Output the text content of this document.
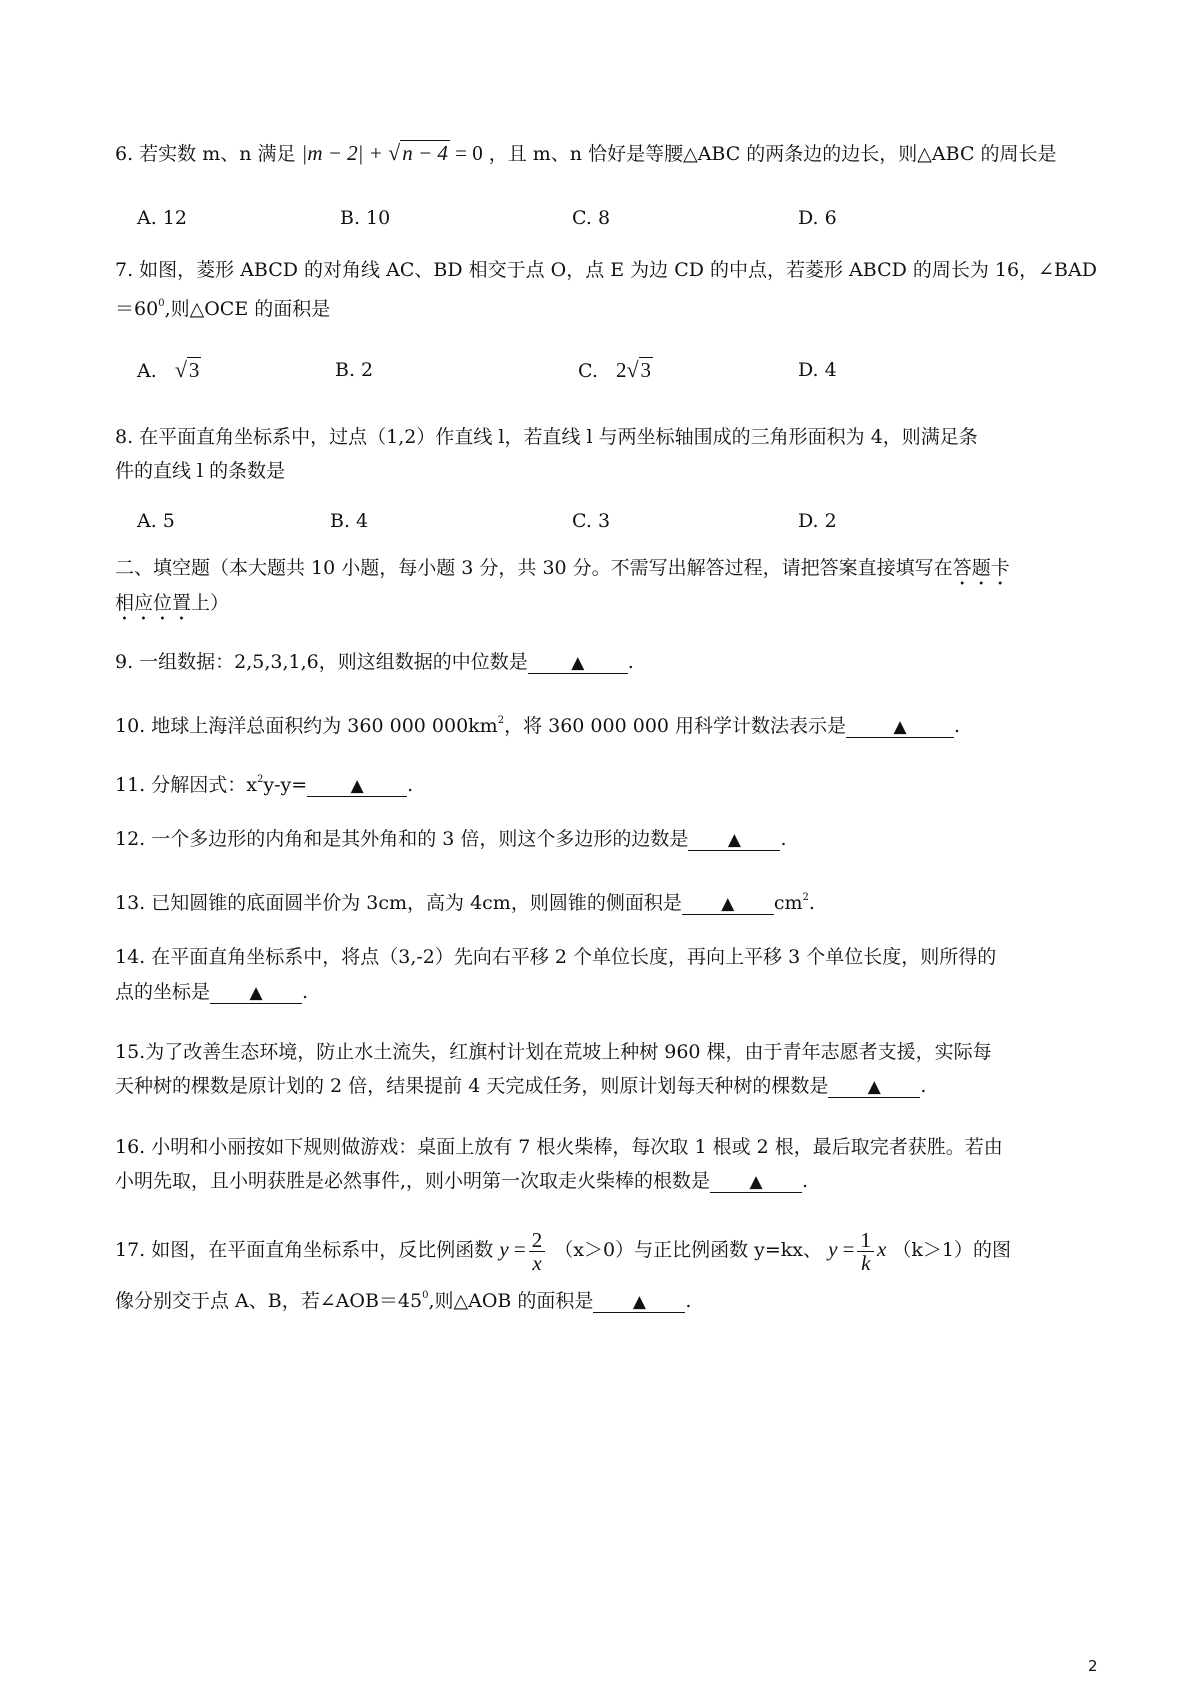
6. 若实数 m、n 满足 |m − 2| + √n − 4 = 0 ，且 m、n 恰好是等腰△ABC 的两条边的边长，则△ABC 的周长是
A. 12	B. 10	C. 8	D. 6
7. 如图，菱形 ABCD 的对角线 AC、BD 相交于点 O，点 E 为边 CD 的中点，若菱形 ABCD 的周长为 16，∠BAD
$=60^0$,则△OCE 的面积是
A. √3	B. 2	C. 2√3	D. 4
8. 在平面直角坐标系中，过点（1,2）作直线 l，若直线 l 与两坐标轴围成的三角形面积为 4，则满足条
件的直线 l 的条数是
A. 5	B. 4	C. 3	D. 2
二、填空题（本大题共 10 小题，每小题 3 分，共 30 分。不需写出解答过程，请把答案直接填写在答题卡
相应位置上）
9. 一组数据：2,5,3,1,6，则这组数据的中位数是	▲ .
10. 地球上海洋总面积约为 360 000 $000km^2$，将 360 000 000 用科学计数法表示是	▲ .
11. 分解因式：$x^2y-y=$	▲ .
12. 一个多边形的内角和是其外角和的 3 倍，则这个多边形的边数是 ▲ .
13. 已知圆锥的底面圆半价为 3cm，高为 4cm，则圆锥的侧面积是 ▲ $cm^2$.
14. 在平面直角坐标系中，将点（3,-2）先向右平移 2 个单位长度，再向上平移 3 个单位长度，则所得的
点的坐标是 ▲ .
15.为了改善生态环境，防止水土流失，红旗村计划在荒坡上种树 960 棵，由于青年志愿者支援，实际每
天种树的棵数是原计划的 2 倍，结果提前 4 天完成任务，则原计划每天种树的棵数是 ▲ .
16. 小明和小丽按如下规则做游戏：桌面上放有 7 根火柴棒，每次取 1 根或 2 根，最后取完者获胜。若由
小明先取，且小明获胜是必然事件,，则小明第一次取走火柴棒的根数是 ▲ .
17. 如图，在平面直角坐标系中，反比例函数 $y = \frac{2}{x} (x>0)$与正比例函数 y=kx、 $y = \frac{1}{k}$ x （k＞1）的图
像分别交于点 A、B，若$\angle AOB=45^0$,则△AOB 的面积是 ▲ .
2
